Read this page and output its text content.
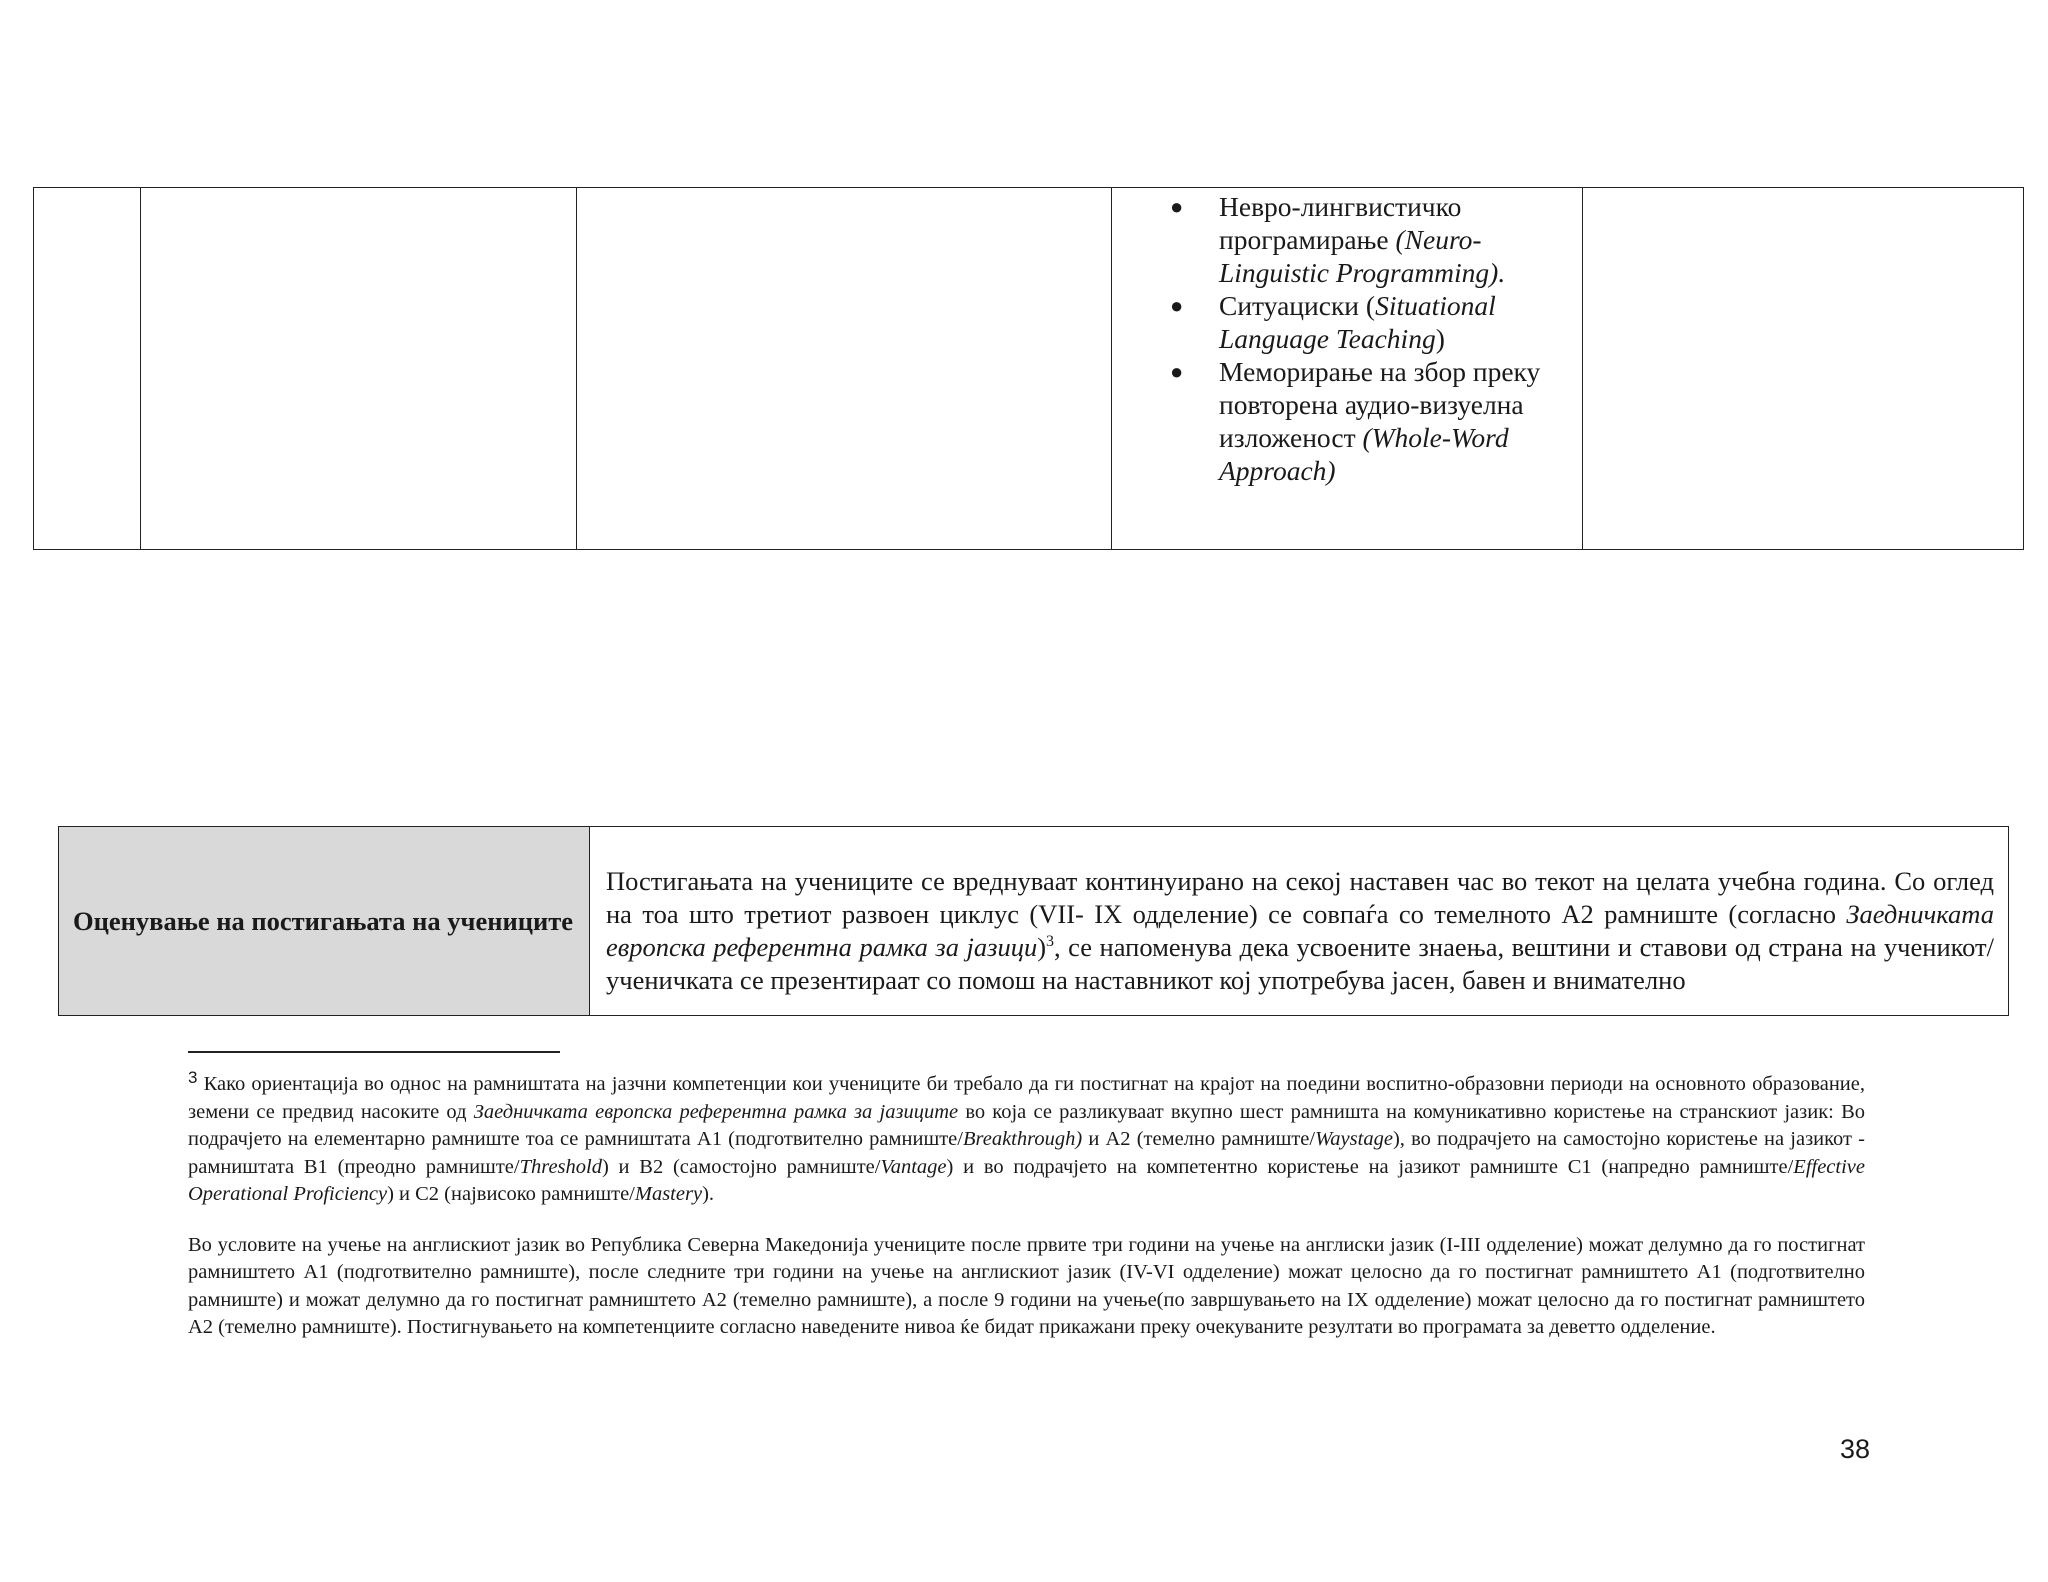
● Невро-лингвистичко програмирање (Neuro-Linguistic Programming).
● Ситуациски (Situational Language Teaching)
● Меморирање на збор преку повторена аудио-визуелна изложеност (Whole-Word Approach)

Оценување на постигањата на учениците	
Постигањата на учениците се вреднуваат континуирано на секој наставен час во текот на целата учебна година. Со оглед на тоа што третиот развоен циклус (VII- IX одделение) се совпаѓа со темелното А2 рамниште (согласно Заедничката европска референтна рамка за јазици)$^3$, се напоменува дека усвоените знаења, вештини и ставови од страна на ученикот/ученичката се презентираат со помош на наставникот кој употребува јасен, бавен и внимателно

$^3$ Како ориентација во однос на рамништата на јазчни компетенции кои учениците би требало да ги постигнат на крајот на поедини воспитно-образовни периоди на основното образование, земени се предвид насоките од Заедничката европска референтна рамка за јазиците во која се разликуваат вкупно шест рамништа на комуникативно користење на странскиот јазик: Во подрачјето на елементарно рамниште тоа се рамништата А1 (подготвително рамниште/Breakthrough) и А2 (темелно рамниште/Waystage), во подрачјето на самостојно користење на јазикот - рамништата B1 (преодно рамниште/Threshold) и B2 (самостојно рамниште/Vantage) и во подрачјето на компетентно користење на јазикот рамниште C1 (напредно рамниште/Effective Operational Proficiency) и C2 (највисоко рамниште/Mastery).

Во условите на учење на англискиот јазик во Република Северна Македонија учениците после првите три години на учење на англиски јазик (I-III одделение) можат делумно да го постигнат рамништето А1 (подготвително рамниште), после следните три години на учење на англискиот јазик (IV-VI одделение) можат целосно да го постигнат рамништето А1 (подготвително рамниште) и можат делумно да го постигнат рамништето А2 (темелно рамниште), а после 9 години на учење(по завршувањето на IX одделение) можат целосно да го постигнат рамништето А2 (темелно рамниште). Постигнувањето на компетенциите согласно наведените нивоа ќе бидат прикажани преку очекуваните резултати во програмата за деветто одделение.

38
